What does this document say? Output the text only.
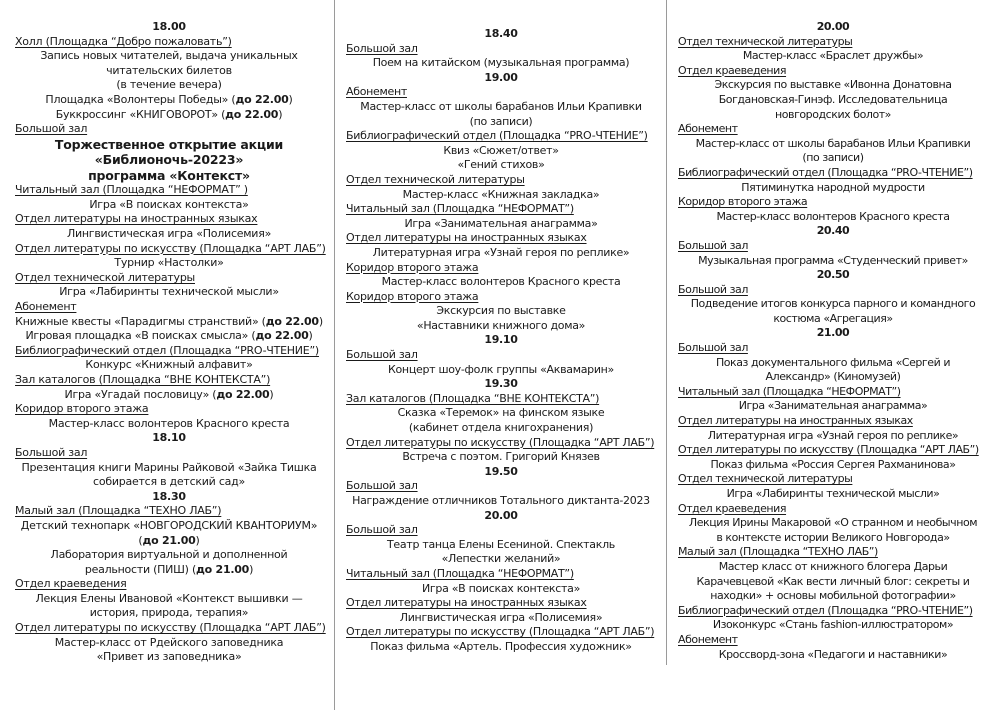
18.00
Холл (Площадка “Добро пожаловать”)
Запись новых читателей, выдача уникальных
читательских билетов
(в течение вечера)
Площадка «Волонтеры Победы» (до 22.00)
Буккроссинг «КНИГОВОРОТ» (до 22.00)
Большой зал
Торжественное открытие акции
«Библионочь-20223»
программа «Контекст»
Читальный зал (Площадка “НЕФОРМАТ” )
Игра «В поисках контекста»
Отдел литературы на иностранных языках
Лингвистическая игра «Полисемия»
Отдел литературы по искусству (Площадка “АРТ ЛАБ”)
Турнир «Настолки»
Отдел технической литературы
Игра «Лабиринты технической мысли»
Абонемент
Книжные квесты «Парадигмы странствий» (до 22.00)
Игровая площадка «В поисках смысла» (до 22.00)
Библиографический отдел (Площадка “PRO-ЧТЕНИЕ”)
Конкурс «Книжный алфавит»
Зал каталогов (Площадка “ВНЕ КОНТЕКСТА”)
Игра «Угадай пословицу» (до 22.00)
Коридор второго этажа
Мастер-класс волонтеров Красного креста
18.10
Большой зал
Презентация книги Марины Райковой «Зайка Тишка
собирается в детский сад»
18.30
Малый зал (Площадка “ТЕХНО ЛАБ”)
Детский технопарк «НОВГОРОДСКИЙ КВАНТОРИУМ»
(до 21.00)
Лаборатория виртуальной и дополненной
реальности (ПИШ) (до 21.00)
Отдел краеведения
Лекция Елены Ивановой «Контекст вышивки —
история, природа, терапия»
Отдел литературы по искусству (Площадка “АРТ ЛАБ”)
Мастер-класс от Рдейского заповедника
«Привет из заповедника»
18.40
Большой зал
Поем на китайском (музыкальная программа)
19.00
Абонемент
Мастер-класс от школы барабанов Ильи Крапивки
(по записи)
Библиографический отдел (Площадка “PRO-ЧТЕНИЕ”)
Квиз «Сюжет/ответ»
«Гений стихов»
Отдел технической литературы
Мастер-класс «Книжная закладка»
Читальный зал (Площадка “НЕФОРМАТ”)
Игра «Занимательная анаграмма»
Отдел литературы на иностранных языках
Литературная игра «Узнай героя по реплике»
Коридор второго этажа
Мастер-класс волонтеров Красного креста
Коридор второго этажа
Экскурсия по выставке
«Наставники книжного дома»
19.10
Большой зал
Концерт шоу-фолк группы «Аквамарин»
19.30
Зал каталогов (Площадка “ВНЕ КОНТЕКСТА”)
Сказка «Теремок» на финском языке
(кабинет отдела книгохранения)
Отдел литературы по искусству (Площадка “АРТ ЛАБ”)
Встреча с поэтом. Григорий Князев
19.50
Большой зал
Награждение отличников Тотального диктанта-2023
20.00
Большой зал
Театр танца Елены Есениной. Спектакль
«Лепестки желаний»
Читальный зал (Площадка “НЕФОРМАТ”)
Игра «В поисках контекста»
Отдел литературы на иностранных языках
Лингвистическая игра «Полисемия»
Отдел литературы по искусству (Площадка “АРТ ЛАБ”)
Показ фильма «Артель. Профессия художник»
20.00
Отдел технической литературы
Мастер-класс «Браслет дружбы»
Отдел краеведения
Экскурсия по выставке «Ивонна Донатовна
Богдановская-Гинэф. Исследовательница
новгородских болот»
Абонемент
Мастер-класс от школы барабанов Ильи Крапивки
(по записи)
Библиографический отдел (Площадка “PRO-ЧТЕНИЕ”)
Пятиминутка народной мудрости
Коридор второго этажа
Мастер-класс волонтеров Красного креста
20.40
Большой зал
Музыкальная программа «Студенческий привет»
20.50
Большой зал
Подведение итогов конкурса парного и командного
костюма «Агрегация»
21.00
Большой зал
Показ документального фильма «Сергей и
Александр» (Киномузей)
Читальный зал (Площадка “НЕФОРМАТ”)
Игра «Занимательная анаграмма»
Отдел литературы на иностранных языках
Литературная игра «Узнай героя по реплике»
Отдел литературы по искусству (Площадка “АРТ ЛАБ”)
Показ фильма «Россия Сергея Рахманинова»
Отдел технической литературы
Игра «Лабиринты технической мысли»
Отдел краеведения
Лекция Ирины Макаровой «О странном и необычном
в контексте истории Великого Новгорода»
Малый зал (Площадка “ТЕХНО ЛАБ”)
Мастер класс от книжного блогера Дарьи
Карачевцевой «Как вести личный блог: секреты и
находки» + основы мобильной фотографии»
Библиографический отдел (Площадка “PRO-ЧТЕНИЕ”)
Изоконкурс «Стань fashion-иллюстратором»
Абонемент
Кроссворд-зона «Педагоги и наставники»
